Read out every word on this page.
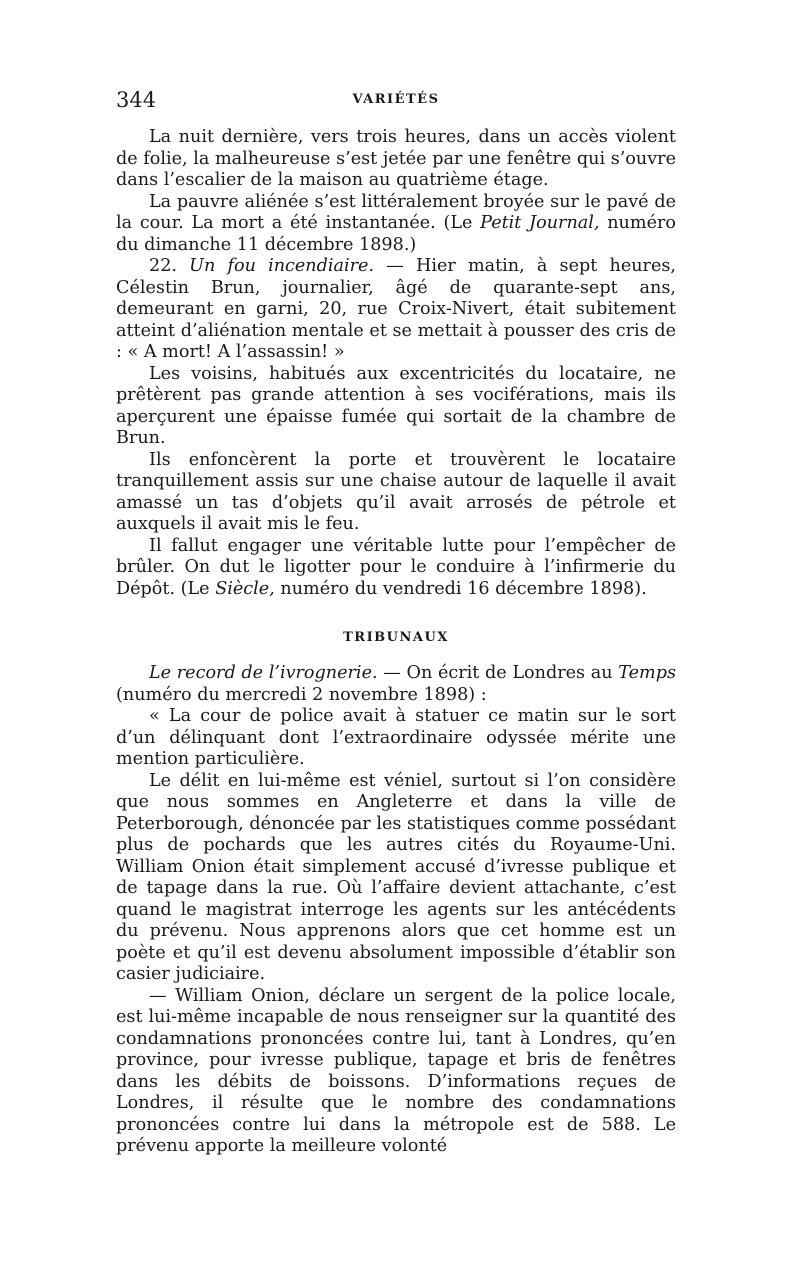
344	VARIÉTÉS

La nuit dernière, vers trois heures, dans un accès violent de folie, la malheureuse s’est jetée par une fenêtre qui s’ouvre dans l’escalier de la maison au quatrième étage.

La pauvre aliénée s’est littéralement broyée sur le pavé de la cour. La mort a été instantanée. (Le Petit Journal, numéro du dimanche 11 décembre 1898.)

22. Un fou incendiaire. — Hier matin, à sept heures, Célestin Brun, journalier, âgé de quarante-sept ans, demeurant en garni, 20, rue Croix-Nivert, était subitement atteint d’aliénation mentale et se mettait à pousser des cris de : « A mort! A l’assassin! »

Les voisins, habitués aux excentricités du locataire, ne prêtèrent pas grande attention à ses vociférations, mais ils aperçurent une épaisse fumée qui sortait de la chambre de Brun.

Ils enfoncèrent la porte et trouvèrent le locataire tranquillement assis sur une chaise autour de laquelle il avait amassé un tas d’objets qu’il avait arrosés de pétrole et auxquels il avait mis le feu.

Il fallut engager une véritable lutte pour l’empêcher de brûler. On dut le ligotter pour le conduire à l’infirmerie du Dépôt. (Le Siècle, numéro du vendredi 16 décembre 1898).

TRIBUNAUX

Le record de l’ivrognerie. — On écrit de Londres au Temps (numéro du mercredi 2 novembre 1898) :

« La cour de police avait à statuer ce matin sur le sort d’un délinquant dont l’extraordinaire odyssée mérite une mention particulière.

Le délit en lui-même est véniel, surtout si l’on considère que nous sommes en Angleterre et dans la ville de Peterborough, dénoncée par les statistiques comme possédant plus de pochards que les autres cités du Royaume-Uni. William Onion était simplement accusé d’ivresse publique et de tapage dans la rue. Où l’affaire devient attachante, c’est quand le magistrat interroge les agents sur les antécédents du prévenu. Nous apprenons alors que cet homme est un poète et qu’il est devenu absolument impossible d’établir son casier judiciaire.

— William Onion, déclare un sergent de la police locale, est lui-même incapable de nous renseigner sur la quantité des condamnations prononcées contre lui, tant à Londres, qu’en province, pour ivresse publique, tapage et bris de fenêtres dans les débits de boissons. D’informations reçues de Londres, il résulte que le nombre des condamnations prononcées contre lui dans la métropole est de 588. Le prévenu apporte la meilleure volonté
